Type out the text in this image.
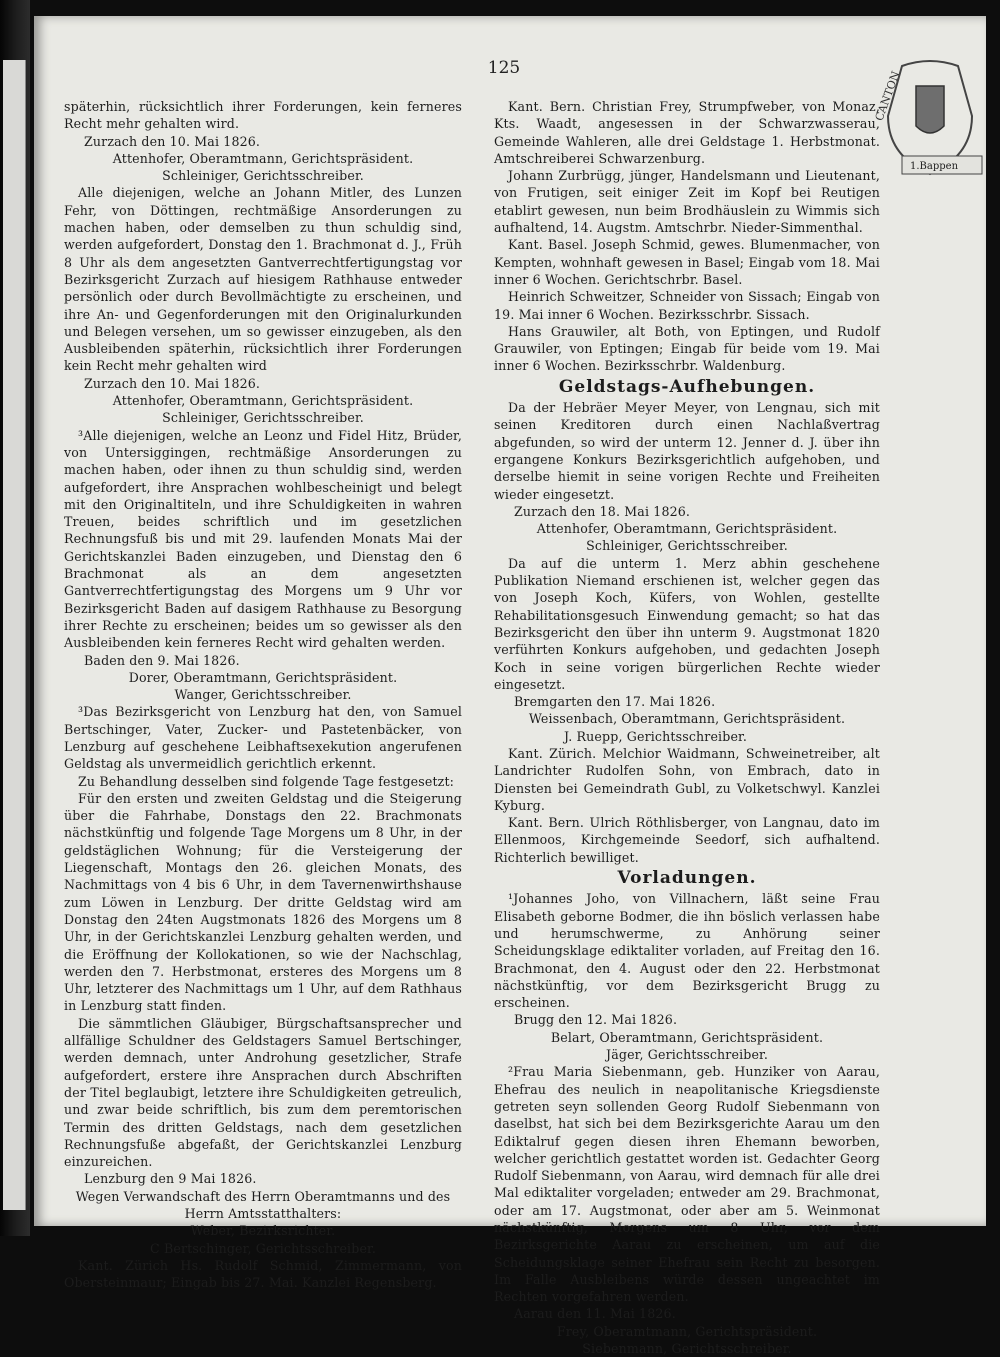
125
CANTON
1.Bappen
späterhin, rücksichtlich ihrer Forderungen, kein ferneres Recht mehr gehalten wird.
Zurzach den 10. Mai 1826.
Attenhofer, Oberamtmann, Gerichtspräsident.
Schleiniger, Gerichtsschreiber.
Alle diejenigen, welche an Johann Mitler, des Lunzen Fehr, von Döttingen, rechtmäßige Ansorderungen zu machen haben, oder demselben zu thun schuldig sind, werden aufgefordert, Donstag den 1. Brachmonat d. J., Früh 8 Uhr als dem angesetzten Gantverrechtfertigungstag vor Bezirksgericht Zurzach auf hiesigem Rathhause entweder persönlich oder durch Bevollmächtigte zu erscheinen, und ihre An- und Gegenforderungen mit den Originalurkunden und Belegen versehen, um so gewisser einzugeben, als den Ausbleibenden späterhin, rücksichtlich ihrer Forderungen kein Recht mehr gehalten wird
Zurzach den 10. Mai 1826.
Attenhofer, Oberamtmann, Gerichtspräsident.
Schleiniger, Gerichtsschreiber.
³Alle diejenigen, welche an Leonz und Fidel Hitz, Brüder, von Untersiggingen, rechtmäßige Ansorderungen zu machen haben, oder ihnen zu thun schuldig sind, werden aufgefordert, ihre Ansprachen wohlbescheinigt und belegt mit den Originaltiteln, und ihre Schuldigkeiten in wahren Treuen, beides schriftlich und im gesetzlichen Rechnungsfuß bis und mit 29. laufenden Monats Mai der Gerichtskanzlei Baden einzugeben, und Dienstag den 6 Brachmonat als an dem angesetzten Gantverrechtfertigungstag des Morgens um 9 Uhr vor Bezirksgericht Baden auf dasigem Rathhause zu Besorgung ihrer Rechte zu erscheinen; beides um so gewisser als den Ausbleibenden kein ferneres Recht wird gehalten werden.
Baden den 9. Mai 1826.
Dorer, Oberamtmann, Gerichtspräsident.
Wanger, Gerichtsschreiber.
³Das Bezirksgericht von Lenzburg hat den, von Samuel Bertschinger, Vater, Zucker- und Pastetenbäcker, von Lenzburg auf geschehene Leibhaftsexekution angerufenen Geldstag als unvermeidlich gerichtlich erkennt.
Zu Behandlung desselben sind folgende Tage festgesetzt:
Für den ersten und zweiten Geldstag und die Steigerung über die Fahrhabe, Donstags den 22. Brachmonats nächstkünftig und folgende Tage Morgens um 8 Uhr, in der geldstäglichen Wohnung; für die Versteigerung der Liegenschaft, Montags den 26. gleichen Monats, des Nachmittags von 4 bis 6 Uhr, in dem Tavernenwirthshause zum Löwen in Lenzburg. Der dritte Geldstag wird am Donstag den 24ten Augstmonats 1826 des Morgens um 8 Uhr, in der Gerichtskanzlei Lenzburg gehalten werden, und die Eröffnung der Kollokationen, so wie der Nachschlag, werden den 7. Herbstmonat, ersteres des Morgens um 8 Uhr, letzterer des Nachmittags um 1 Uhr, auf dem Rathhaus in Lenzburg statt finden.
Die sämmtlichen Gläubiger, Bürgschaftsansprecher und allfällige Schuldner des Geldstagers Samuel Bertschinger, werden demnach, unter Androhung gesetzlicher, Strafe aufgefordert, erstere ihre Ansprachen durch Abschriften der Titel beglaubigt, letztere ihre Schuldigkeiten getreulich, und zwar beide schriftlich, bis zum dem peremtorischen Termin des dritten Geldstags, nach dem gesetzlichen Rechnungsfuße abgefaßt, der Gerichtskanzlei Lenzburg einzureichen.
Lenzburg den 9 Mai 1826.
Wegen Verwandschaft des Herrn Oberamtmanns und des Herrn Amtsstatthalters:
Weber, Bezirksrichter.
C Bertschinger, Gerichtsschreiber.
Kant. Zürich Hs. Rudolf Schmid, Zimmermann, von Obersteinmaur; Eingab bis 27. Mai. Kanzlei Regensberg.
Kant. Bern. Christian Frey, Strumpfweber, von Monaz, Kts. Waadt, angesessen in der Schwarzwasserau, Gemeinde Wahleren, alle drei Geldstage 1. Herbstmonat. Amtschreiberei Schwarzenburg.
Johann Zurbrügg, jünger, Handelsmann und Lieutenant, von Frutigen, seit einiger Zeit im Kopf bei Reutigen etablirt gewesen, nun beim Brodhäuslein zu Wimmis sich aufhaltend, 14. Augstm. Amtschrbr. Nieder-Simmenthal.
Kant. Basel. Joseph Schmid, gewes. Blumenmacher, von Kempten, wohnhaft gewesen in Basel; Eingab vom 18. Mai inner 6 Wochen. Gerichtschrbr. Basel.
Heinrich Schweitzer, Schneider von Sissach; Eingab von 19. Mai inner 6 Wochen. Bezirksschrbr. Sissach.
Hans Grauwiler, alt Both, von Eptingen, und Rudolf Grauwiler, von Eptingen; Eingab für beide vom 19. Mai inner 6 Wochen. Bezirksschrbr. Waldenburg.
Geldstags-Aufhebungen.
Da der Hebräer Meyer Meyer, von Lengnau, sich mit seinen Kreditoren durch einen Nachlaßvertrag abgefunden, so wird der unterm 12. Jenner d. J. über ihn ergangene Konkurs Bezirksgerichtlich aufgehoben, und derselbe hiemit in seine vorigen Rechte und Freiheiten wieder eingesetzt.
Zurzach den 18. Mai 1826.
Attenhofer, Oberamtmann, Gerichtspräsident.
Schleiniger, Gerichtsschreiber.
Da auf die unterm 1. Merz abhin geschehene Publikation Niemand erschienen ist, welcher gegen das von Joseph Koch, Küfers, von Wohlen, gestellte Rehabilitationsgesuch Einwendung gemacht; so hat das Bezirksgericht den über ihn unterm 9. Augstmonat 1820 verführten Konkurs aufgehoben, und gedachten Joseph Koch in seine vorigen bürgerlichen Rechte wieder eingesetzt.
Bremgarten den 17. Mai 1826.
Weissenbach, Oberamtmann, Gerichtspräsident.
J. Ruepp, Gerichtsschreiber.
Kant. Zürich. Melchior Waidmann, Schweinetreiber, alt Landrichter Rudolfen Sohn, von Embrach, dato in Diensten bei Gemeindrath Gubl, zu Volketschwyl. Kanzlei Kyburg.
Kant. Bern. Ulrich Röthlisberger, von Langnau, dato im Ellenmoos, Kirchgemeinde Seedorf, sich aufhaltend. Richterlich bewilliget.
Vorladungen.
¹Johannes Joho, von Villnachern, läßt seine Frau Elisabeth geborne Bodmer, die ihn böslich verlassen habe und herumschwerme, zu Anhörung seiner Scheidungsklage ediktaliter vorladen, auf Freitag den 16. Brachmonat, den 4. August oder den 22. Herbstmonat nächstkünftig, vor dem Bezirksgericht Brugg zu erscheinen.
Brugg den 12. Mai 1826.
Belart, Oberamtmann, Gerichtspräsident.
Jäger, Gerichtsschreiber.
²Frau Maria Siebenmann, geb. Hunziker von Aarau, Ehefrau des neulich in neapolitanische Kriegsdienste getreten seyn sollenden Georg Rudolf Siebenmann von daselbst, hat sich bei dem Bezirksgerichte Aarau um den Ediktalruf gegen diesen ihren Ehemann beworben, welcher gerichtlich gestattet worden ist. Gedachter Georg Rudolf Siebenmann, von Aarau, wird demnach für alle drei Mal ediktaliter vorgeladen; entweder am 29. Brachmonat, oder am 17. Augstmonat, oder aber am 5. Weinmonat nächstkünftig, Morgens um 8 Uhr, vor dem Bezirksgerichte Aarau zu erscheinen, um auf die Scheidungsklage seiner Ehefrau sein Recht zu besorgen. Im Falle Ausbleibens würde dessen ungeachtet im Rechten vorgefahren werden.
Aarau den 11. Mai 1826.
Frey, Oberamtmann, Gerichtspräsident.
Siebenmann, Gerichtsschreiber.
